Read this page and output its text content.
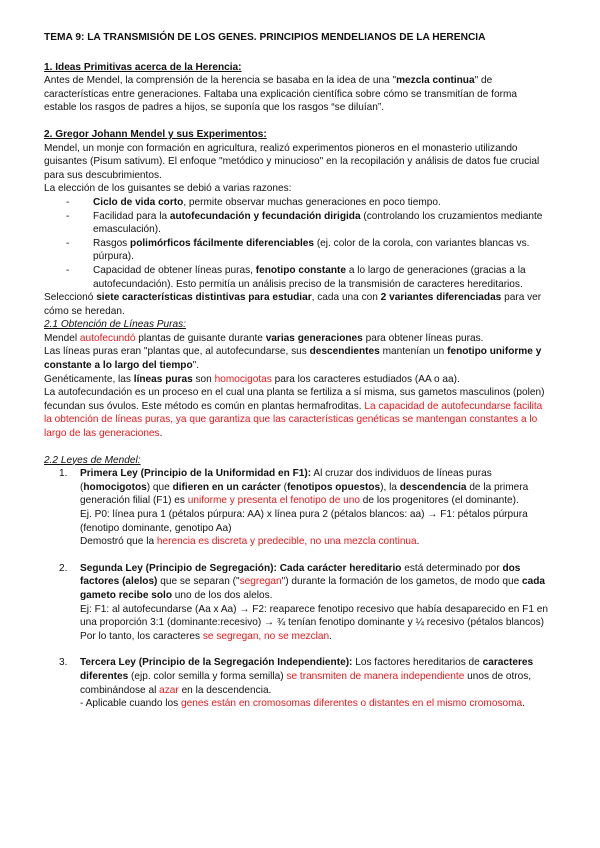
TEMA 9: LA TRANSMISIÓN DE LOS GENES. PRINCIPIOS MENDELIANOS DE LA HERENCIA
1. Ideas Primitivas acerca de la Herencia:

Antes de Mendel, la comprensión de la herencia se basaba en la idea de una "mezcla continua" de características entre generaciones. Faltaba una explicación científica sobre cómo se transmitían de forma estable los rasgos de padres a hijos, se suponía que los rasgos “se diluían”.

2. Gregor Johann Mendel y sus Experimentos:

Mendel, un monje con formación en agricultura, realizó experimentos pioneros en el monasterio utilizando guisantes (Pisum sativum). El enfoque "metódico y minucioso" en la recopilación y análisis de datos fue crucial para sus descubrimientos.

La elección de los guisantes se debió a varias razones:

- Ciclo de vida corto, permite observar muchas generaciones en poco tiempo.
- Facilidad para la autofecundación y fecundación dirigida (controlando los cruzamientos mediante emasculación).
- Rasgos polimórficos fácilmente diferenciables (ej. color de la corola, con variantes blancas vs. púrpura).
- Capacidad de obtener líneas puras, fenotipo constante a lo largo de generaciones (gracias a la autofecundación). Esto permitía un análisis preciso de la transmisión de caracteres hereditarios.

Seleccionó siete características distintivas para estudiar, cada una con 2 variantes diferenciadas para ver cómo se heredan.

2.1 Obtención de Líneas Puras:

Mendel autofecundó plantas de guisante durante varias generaciones para obtener líneas puras.

Las líneas puras eran "plantas que, al autofecundarse, sus descendientes mantenían un fenotipo uniforme y constante a lo largo del tiempo".

Genéticamente, las líneas puras son homocigotas para los caracteres estudiados (AA o aa).

La autofecundación es un proceso en el cual una planta se fertiliza a sí misma, sus gametos masculinos (polen) fecundan sus óvulos. Este método es común en plantas hermafroditas. La capacidad de autofecundarse facilita la obtención de líneas puras, ya que garantiza que las características genéticas se mantengan constantes a lo largo de las generaciones.

2.2 Leyes de Mendel:
1. Primera Ley (Principio de la Uniformidad en F1): Al cruzar dos individuos de líneas puras (homocigotos) que difieren en un carácter (fenotipos opuestos), la descendencia de la primera generación filial (F1) es uniforme y presenta el fenotipo de uno de los progenitores (el dominante).

Ej. P0: línea pura 1 (pétalos púrpura: AA) x línea pura 2 (pétalos blancos: aa) → F1: pétalos púrpura (fenotipo dominante, genotipo Aa)

Demostró que la herencia es discreta y predecible, no una mezcla continua.

2. Segunda Ley (Principio de Segregación): Cada carácter hereditario está determinado por dos factores (alelos) que se separan ("segregan") durante la formación de los gametos, de modo que cada gameto recibe solo uno de los dos alelos.

Ej: F1: al autofecundarse (Aa x Aa) → F2: reaparece fenotipo recesivo que había desaparecido en F1 en una proporción 3:1 (dominante:recesivo) → ¾ tenían fenotipo dominante y ¼ recesivo (pétalos blancos)

Por lo tanto, los caracteres se segregan, no se mezclan.

3. Tercera Ley (Principio de la Segregación Independiente): Los factores hereditarios de caracteres diferentes (ejp. color semilla y forma semilla) se transmiten de manera independiente unos de otros, combinándose al azar en la descendencia.

- Aplicable cuando los genes están en cromosomas diferentes o distantes en el mismo cromosoma.
